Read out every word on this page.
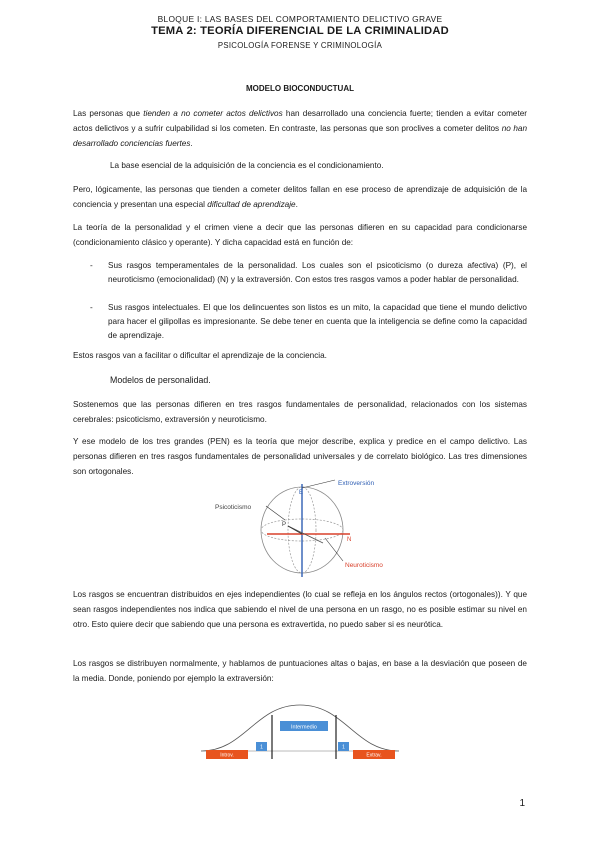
BLOQUE I: LAS BASES DEL COMPORTAMIENTO DELICTIVO GRAVE
TEMA 2: TEORÍA DIFERENCIAL DE LA CRIMINALIDAD
PSICOLOGÍA FORENSE Y CRIMINOLOGÍA
MODELO BIOCONDUCTUAL
Las personas que tienden a no cometer actos delictivos han desarrollado una conciencia fuerte; tienden a evitar cometer actos delictivos y a sufrir culpabilidad si los cometen. En contraste, las personas que son proclives a cometer delitos no han desarrollado conciencias fuertes.
La base esencial de la adquisición de la conciencia es el condicionamiento.
Pero, lógicamente, las personas que tienden a cometer delitos fallan en ese proceso de aprendizaje de adquisición de la conciencia y presentan una especial dificultad de aprendizaje.
La teoría de la personalidad y el crimen viene a decir que las personas difieren en su capacidad para condicionarse (condicionamiento clásico y operante). Y dicha capacidad está en función de:
- Sus rasgos temperamentales de la personalidad. Los cuales son el psicoticismo (o dureza afectiva) (P), el neuroticismo (emocionalidad) (N) y la extraversión. Con estos tres rasgos vamos a poder hablar de personalidad.
- Sus rasgos intelectuales. El que los delincuentes son listos es un mito, la capacidad que tiene el mundo delictivo para hacer el gilipollas es impresionante. Se debe tener en cuenta que la inteligencia se define como la capacidad de aprendizaje.
Estos rasgos van a facilitar o dificultar el aprendizaje de la conciencia.
Modelos de personalidad.
Sostenemos que las personas difieren en tres rasgos fundamentales de personalidad, relacionados con los sistemas cerebrales: psicoticismo, extraversión y neuroticismo.
Y ese modelo de los tres grandes (PEN) es la teoría que mejor describe, explica y predice en el campo delictivo. Las personas difieren en tres rasgos fundamentales de personalidad universales y de correlato biológico. Las tres dimensiones son ortogonales.
Extroversión
Psicoticismo
Neuroticismo
E
N
P
Los rasgos se encuentran distribuidos en ejes independientes (lo cual se refleja en los ángulos rectos (ortogonales)). Y que sean rasgos independientes nos indica que sabiendo el nivel de una persona en un rasgo, no es posible estimar su nivel en otro. Esto quiere decir que sabiendo que una persona es extravertida, no puedo saber si es neurótica.
Los rasgos se distribuyen normalmente, y hablamos de puntuaciones altas o bajas, en base a la desviación que poseen de la media. Donde, poniendo por ejemplo la extraversión:
Intermedio
1	1
Introv.	Extrav.
1
